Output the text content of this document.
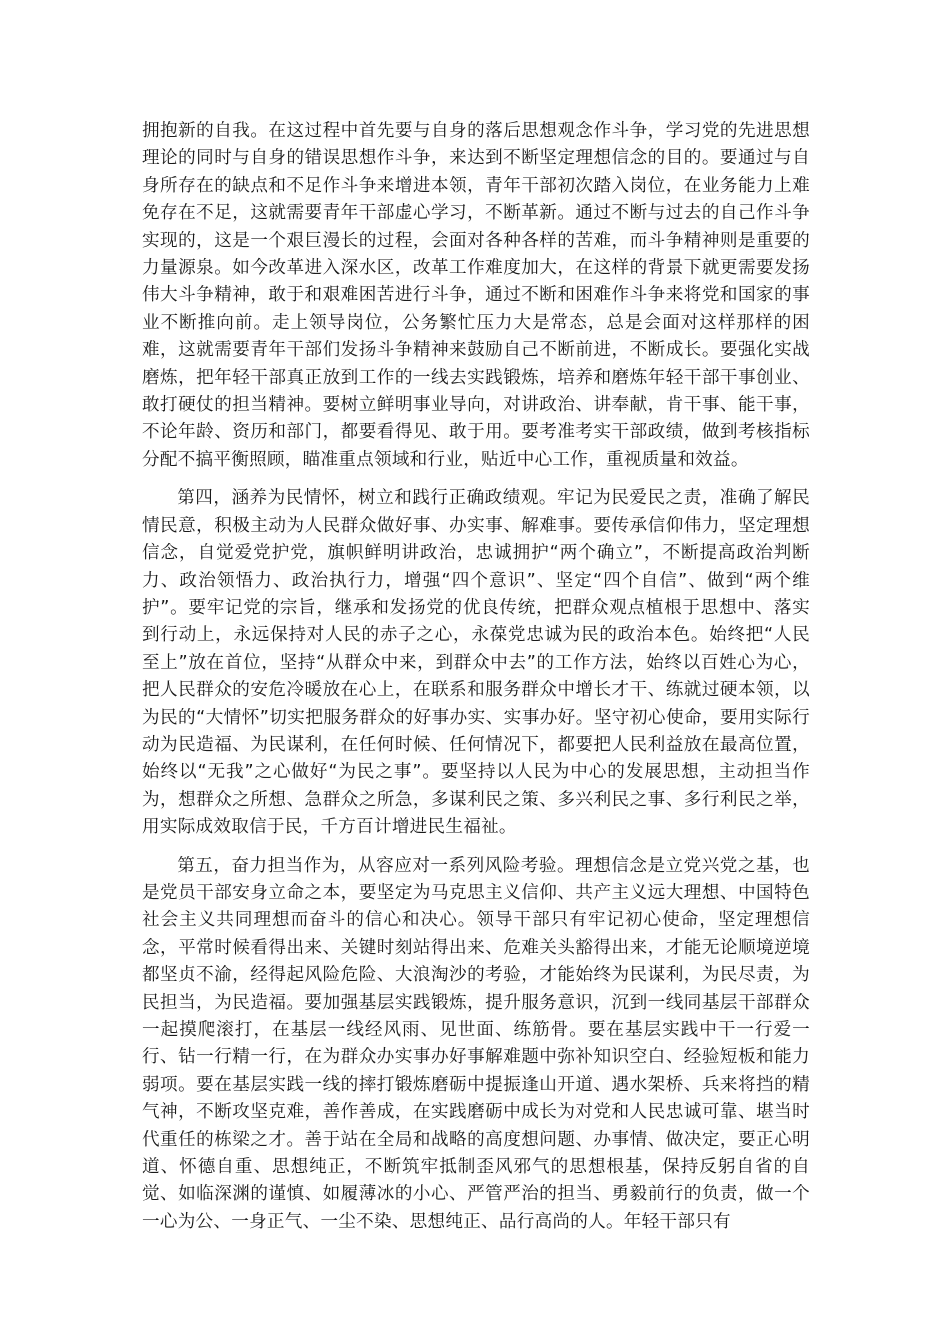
拥抱新的自我。在这过程中首先要与自身的落后思想观念作斗争，学习党的先进思想理论的同时与自身的错误思想作斗争，来达到不断坚定理想信念的目的。要通过与自身所存在的缺点和不足作斗争来增进本领，青年干部初次踏入岗位，在业务能力上难免存在不足，这就需要青年干部虚心学习，不断革新。通过不断与过去的自己作斗争实现的，这是一个艰巨漫长的过程，会面对各种各样的苦难，而斗争精神则是重要的力量源泉。如今改革进入深水区，改革工作难度加大，在这样的背景下就更需要发扬伟大斗争精神，敢于和艰难困苦进行斗争，通过不断和困难作斗争来将党和国家的事业不断推向前。走上领导岗位，公务繁忙压力大是常态，总是会面对这样那样的困难，这就需要青年干部们发扬斗争精神来鼓励自己不断前进，不断成长。要强化实战磨炼，把年轻干部真正放到工作的一线去实践锻炼，培养和磨炼年轻干部干事创业、敢打硬仗的担当精神。要树立鲜明事业导向，对讲政治、讲奉献，肯干事、能干事，不论年龄、资历和部门，都要看得见、敢于用。要考准考实干部政绩，做到考核指标分配不搞平衡照顾，瞄准重点领域和行业，贴近中心工作，重视质量和效益。

第四，涵养为民情怀，树立和践行正确政绩观。牢记为民爱民之责，准确了解民情民意，积极主动为人民群众做好事、办实事、解难事。要传承信仰伟力，坚定理想信念，自觉爱党护党，旗帜鲜明讲政治，忠诚拥护“两个确立”，不断提高政治判断力、政治领悟力、政治执行力，增强“四个意识”、坚定“四个自信”、做到“两个维护”。要牢记党的宗旨，继承和发扬党的优良传统，把群众观点植根于思想中、落实到行动上，永远保持对人民的赤子之心，永葆党忠诚为民的政治本色。始终把“人民至上”放在首位，坚持“从群众中来，到群众中去”的工作方法，始终以百姓心为心，把人民群众的安危冷暖放在心上，在联系和服务群众中增长才干、练就过硬本领，以为民的“大情怀”切实把服务群众的好事办实、实事办好。坚守初心使命，要用实际行动为民造福、为民谋利，在任何时候、任何情况下，都要把人民利益放在最高位置，始终以“无我”之心做好“为民之事”。要坚持以人民为中心的发展思想，主动担当作为，想群众之所想、急群众之所急，多谋利民之策、多兴利民之事、多行利民之举，用实际成效取信于民，千方百计增进民生福祉。

第五，奋力担当作为，从容应对一系列风险考验。理想信念是立党兴党之基，也是党员干部安身立命之本，要坚定为马克思主义信仰、共产主义远大理想、中国特色社会主义共同理想而奋斗的信心和决心。领导干部只有牢记初心使命，坚定理想信念，平常时候看得出来、关键时刻站得出来、危难关头豁得出来，才能无论顺境逆境都坚贞不渝，经得起风险危险、大浪淘沙的考验，才能始终为民谋利，为民尽责，为民担当，为民造福。要加强基层实践锻炼，提升服务意识，沉到一线同基层干部群众一起摸爬滚打，在基层一线经风雨、见世面、练筋骨。要在基层实践中干一行爱一行、钻一行精一行，在为群众办实事办好事解难题中弥补知识空白、经验短板和能力弱项。要在基层实践一线的摔打锻炼磨砺中提振逢山开道、遇水架桥、兵来将挡的精气神，不断攻坚克难，善作善成，在实践磨砺中成长为对党和人民忠诚可靠、堪当时代重任的栋梁之才。善于站在全局和战略的高度想问题、办事情、做决定，要正心明道、怀德自重、思想纯正，不断筑牢抵制歪风邪气的思想根基，保持反躬自省的自觉、如临深渊的谨慎、如履薄冰的小心、严管严治的担当、勇毅前行的负责，做一个一心为公、一身正气、一尘不染、思想纯正、品行高尚的人。年轻干部只有
